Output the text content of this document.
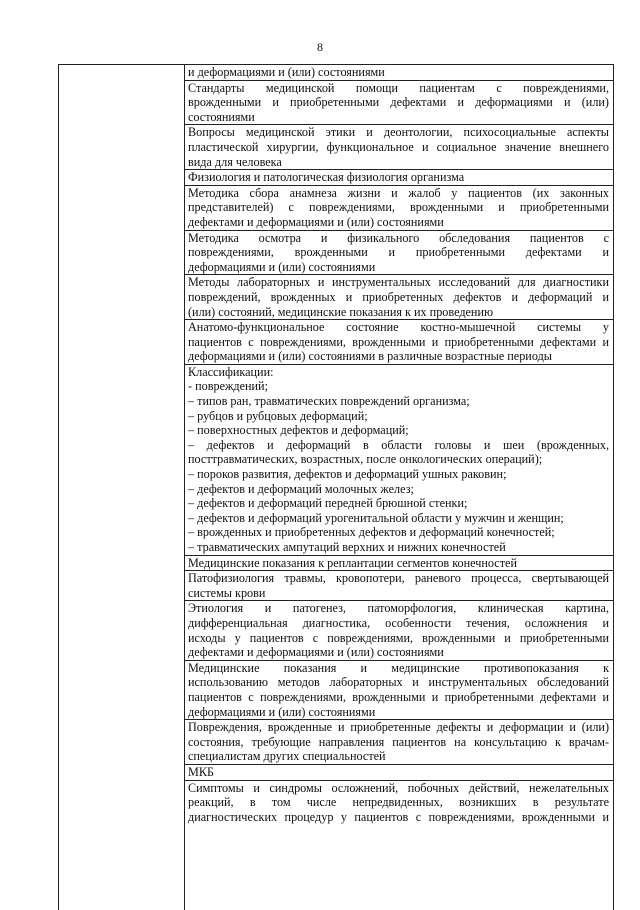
8
и деформациями и (или) состояниями
Стандарты медицинской помощи пациентам с повреждениями,
врожденными и приобретенными дефектами и деформациями и (или)
состояниями
Вопросы медицинской этики и деонтологии, психосоциальные аспекты
пластической хирургии, функциональное и социальное значение внешнего
вида для человека
Физиология и патологическая физиология организма
Методика сбора анамнеза жизни и жалоб у пациентов (их законных
представителей) с повреждениями, врожденными и приобретенными
дефектами и деформациями и (или) состояниями
Методика осмотра и физикального обследования пациентов с
повреждениями, врожденными и приобретенными дефектами и
деформациями и (или) состояниями
Методы лабораторных и инструментальных исследований для диагностики
повреждений, врожденных и приобретенных дефектов и деформаций и
(или) состояний, медицинские показания к их проведению
Анатомо-функциональное состояние костно-мышечной системы у
пациентов с повреждениями, врожденными и приобретенными дефектами и
деформациями и (или) состояниями в различные возрастные периоды
Классификации:
- повреждений;
– типов ран, травматических повреждений организма;
– рубцов и рубцовых деформаций;
– поверхностных дефектов и деформаций;
– дефектов и деформаций в области головы и шеи (врожденных,
посттравматических, возрастных, после онкологических операций);
– пороков развития, дефектов и деформаций ушных раковин;
– дефектов и деформаций молочных желез;
– дефектов и деформаций передней брюшной стенки;
– дефектов и деформаций урогенитальной области у мужчин и женщин;
– врожденных и приобретенных дефектов и деформаций конечностей;
– травматических ампутаций верхних и нижних конечностей
Медицинские показания к реплантации сегментов конечностей
Патофизиология травмы, кровопотери, раневого процесса, свертывающей
системы крови
Этиология и патогенез, патоморфология, клиническая картина,
дифференциальная диагностика, особенности течения, осложнения и
исходы у пациентов с повреждениями, врожденными и приобретенными
дефектами и деформациями и (или) состояниями
Медицинские показания и медицинские противопоказания к
использованию методов лабораторных и инструментальных обследований
пациентов с повреждениями, врожденными и приобретенными дефектами и
деформациями и (или) состояниями
Повреждения, врожденные и приобретенные дефекты и деформации и (или)
состояния, требующие направления пациентов на консультацию к врачам-
специалистам других специальностей
МКБ
Симптомы и синдромы осложнений, побочных действий, нежелательных
реакций, в том числе непредвиденных, возникших в результате
диагностических процедур у пациентов с повреждениями, врожденными и
